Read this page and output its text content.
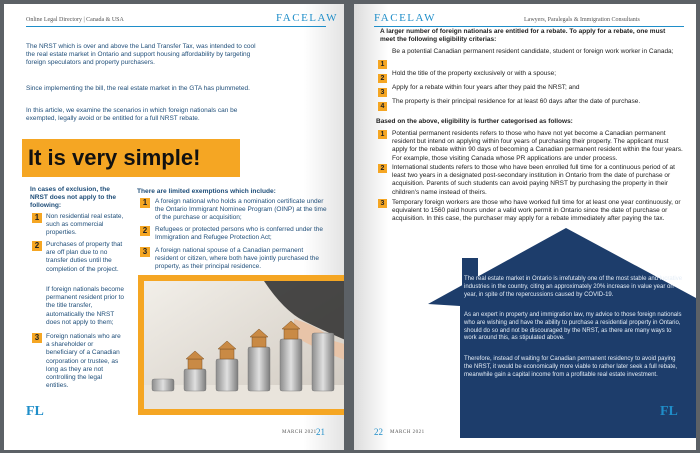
Online Legal Directory | Canada & USA	FACELAW
The NRST which is over and above the Land Transfer Tax, was intended to cool the real estate market in Ontario and support housing affordability by targeting foreign speculators and property purchasers.
Since implementing the bill, the real estate market in the GTA has plummeted.
In this article, we examine the scenarios in which foreign nationals can be exempted, legally avoid or be entitled for a full NRST rebate.
It is very simple!
In cases of exclusion, the NRST does not apply to the following:
1	Non residential real estate, such as commercial properties.
2	Purchases of property that are off plan due to no transfer duties until the completion of the project.
If foreign nationals become permanent resident prior to the title transfer, automatically the NRST does not apply to them;
3	Foreign nationals who are a shareholder or beneficiary of a Canadian corporation or trustee, as long as they are not controlling the legal entities.
There are limited exemptions which include:
1	A foreign national who holds a nomination certificate under the Ontario Immigrant Nominee Program (OINP) at the time of the purchase or acquisition;
2	Refugees or protected persons who is conferred under the Immigration and Refugee Protection Act;
3	A foreign national spouse of a Canadian permanent resident or citizen, where both have jointly purchased the property, as their principal residence.
FL
MARCH 2021 21
FACELAW	Lawyers, Paralegals & Immigration Consultants
A larger number of foreign nationals are entitled for a rebate. To apply for a rebate, one must meet the following eligibility criterias:
Be a potential Canadian permanent resident candidate, student or foreign work worker in Canada;
1
Hold the title of the property exclusively or with a spouse;
2
Apply for a rebate within four years after they paid the NRST; and
3
The property is their principal residence for at least 60 days after the date of purchase.
4
Based on the above, eligibility is further categorised as follows:
1	Potential permanent residents refers to those who have not yet become a Canadian permanent resident but intend on applying within four years of purchasing their property. The applicant must apply for the rebate within 90 days of becoming a Canadian permanent resident within the four years. For example, those visiting Canada whose PR applications are under process.
2	International students refers to those who have been enrolled full time for a continuous period of at least two years in a designated post-secondary institution in Ontario from the date of purchase or acquisition. Parents of such students can avoid paying NRST by purchasing the property in their children's name instead of theirs.
3	Temporary foreign workers are those who have worked full time for at least one year continuously, or equivalent to 1560 paid hours under a valid work permit in Ontario since the date of purchase or acquisition. In this case, the purchaser may apply for a rebate immediately after paying the tax.
The real estate market in Ontario is irrefutably one of the most stable and lucrative industries in the country, citing an approximately 20% increase in value year on year, in spite of the repercussions caused by COVID-19.
As an expert in property and immigration law, my advice to those foreign nationals who are wishing and have the ability to purchase a residential property in Ontario, should do so and not be discouraged by the NRST, as there are many ways to work around this, as stipulated above.
Therefore, instead of waiting for Canadian permanent residency to avoid paying the NRST, it would be economically more viable to rather later seek a full rebate, meanwhile gain a capital income from a profitable real estate investment.
FL
22 MARCH 2021
